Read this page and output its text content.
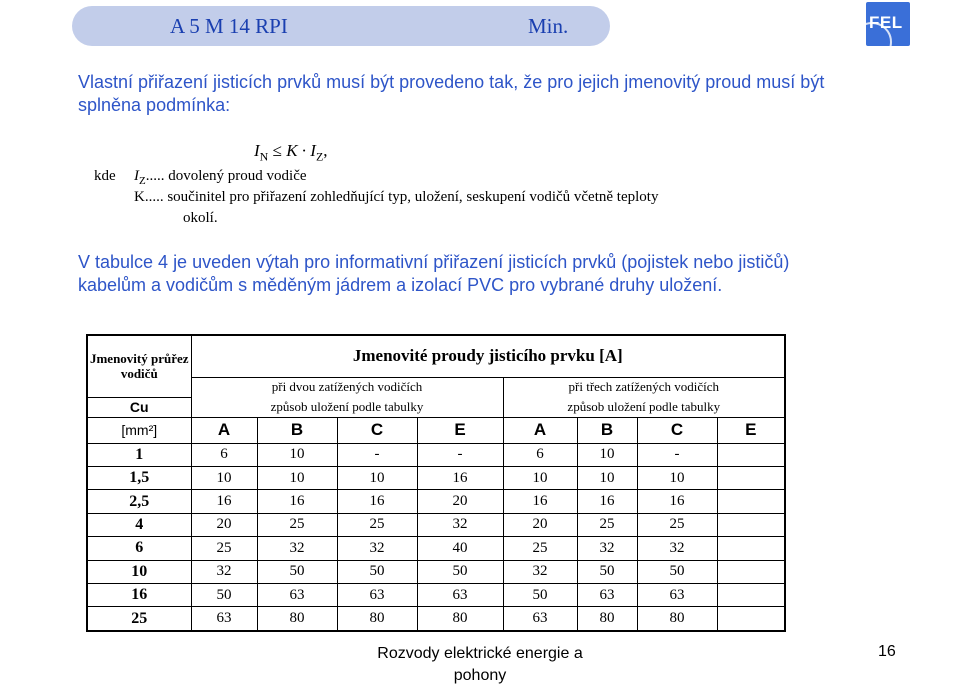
A 5 M 14 RPI	Min.	FEL
Vlastní přiřazení jisticích prvků musí být provedeno tak, že pro jejich jmenovitý proud musí být splněna podmínka:
$I_N \le K \cdot I_Z$,
kde $I_Z$..... dovolený proud vodiče
K..... součinitel pro přiřazení zohledňující typ, uložení, seskupení vodičů včetně teploty
okolí.
V tabulce 4 je uveden výtah pro informativní přiřazení jisticích prvků (pojistek nebo jističů) kabelům a vodičům s měděným jádrem a izolací PVC pro vybrané druhy uložení.
Jmenovitý průřez vodičů	Jmenovité proudy jisticího prvku [A]							
	při dvou zatížených vodičích				při třech zatížených vodičích			
Cu	způsob uložení podle tabulky				způsob uložení podle tabulky			
[mm²]	A	B	C	E	A	B	C	E
1	6	10	-	-	6	10	-	
1,5	10	10	10	16	10	10	10	
2,5	16	16	16	20	16	16	16	
4	20	25	25	32	20	25	25	
6	25	32	32	40	25	32	32	
10	32	50	50	50	32	50	50	
16	50	63	63	63	50	63	63	
25	63	80	80	80	63	80	80	
Rozvody elektrické energie a pohony
16
